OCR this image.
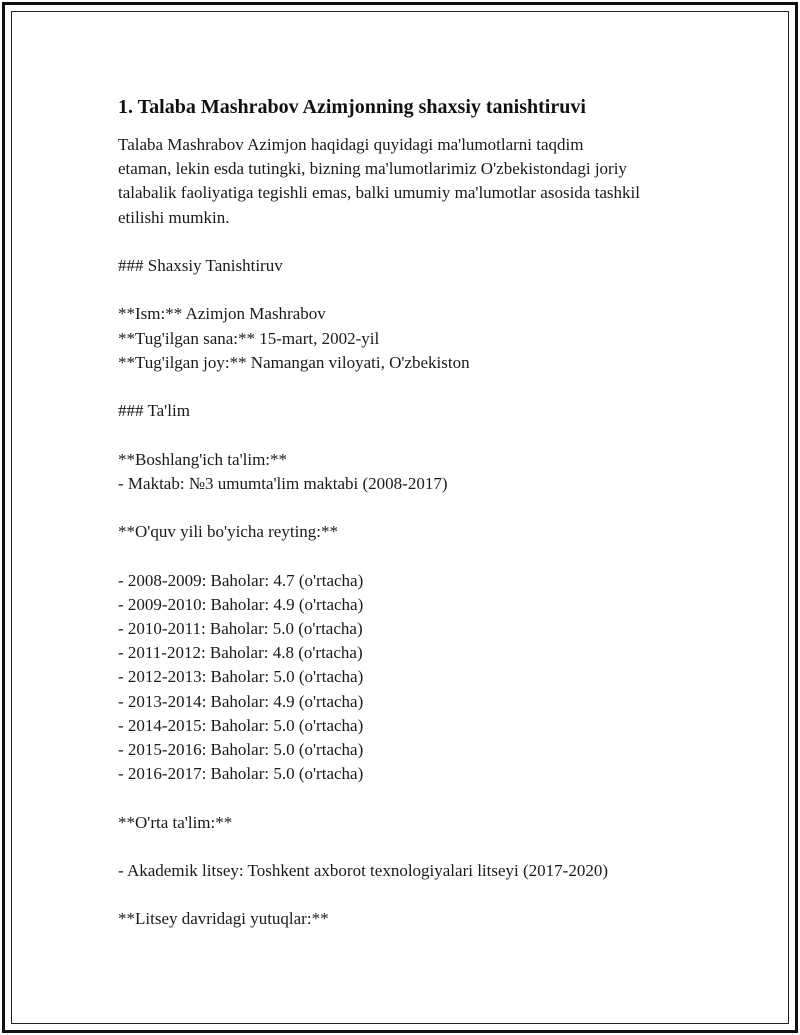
1. Talaba Mashrabov Azimjonning shaxsiy tanishtiruvi
Talaba Mashrabov Azimjon haqidagi quyidagi ma'lumotlarni taqdim
etaman, lekin esda tutingki, bizning ma'lumotlarimiz O'zbekistondagi joriy
talabalik faoliyatiga tegishli emas, balki umumiy ma'lumotlar asosida tashkil
etilishi mumkin.
### Shaxsiy Tanishtiruv
**Ism:** Azimjon Mashrabov
**Tug'ilgan sana:** 15-mart, 2002-yil
**Tug'ilgan joy:** Namangan viloyati, O'zbekiston
### Ta'lim
**Boshlang'ich ta'lim:**
- Maktab: №3 umumta'lim maktabi (2008-2017)
**O'quv yili bo'yicha reyting:**
- 2008-2009: Baholar: 4.7 (o'rtacha)
- 2009-2010: Baholar: 4.9 (o'rtacha)
- 2010-2011: Baholar: 5.0 (o'rtacha)
- 2011-2012: Baholar: 4.8 (o'rtacha)
- 2012-2013: Baholar: 5.0 (o'rtacha)
- 2013-2014: Baholar: 4.9 (o'rtacha)
- 2014-2015: Baholar: 5.0 (o'rtacha)
- 2015-2016: Baholar: 5.0 (o'rtacha)
- 2016-2017: Baholar: 5.0 (o'rtacha)
**O'rta ta'lim:**
- Akademik litsey: Toshkent axborot texnologiyalari litseyi (2017-2020)
**Litsey davridagi yutuqlar:**
